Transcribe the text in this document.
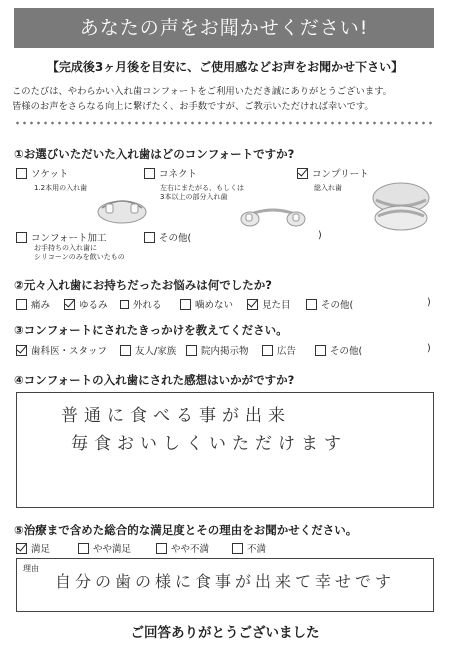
あなたの声をお聞かせください!
【完成後3ヶ月後を目安に、ご使用感などお声をお聞かせ下さい】
このたびは、やわらかい入れ歯コンフォートをご利用いただき誠にありがとうございます。
皆様のお声をさらなる向上に繋げたく、お手数ですが、ご教示いただければ幸いです。
①お選びいただいた入れ歯はどのコンフォートですか?
ソケット
1.2本用の入れ歯
コネクト
左右にまたがる、もしくは
3本以上の部分入れ歯
コンプリート
総入れ歯
コンフォート加工
お手持ちの入れ歯に
シリコーンのみを飲いたもの
その他(	)
②元々入れ歯にお持ちだったお悩みは何でしたか?
痛み	ゆるみ	外れる	噛めない	見た目	その他(	)
③コンフォートにされたきっかけを教えてください。
歯科医・スタッフ	友人/家族	院内掲示物	広告	その他(	)
④コンフォートの入れ歯にされた感想はいかがですか?
普通に食べる事が出来
毎食おいしくいただけます
⑤治療まで含めた総合的な満足度とその理由をお聞かせください。
満足	やや満足	やや不満	不満
理由
自分の歯の様に食事が出来て幸せです
ご回答ありがとうございました
